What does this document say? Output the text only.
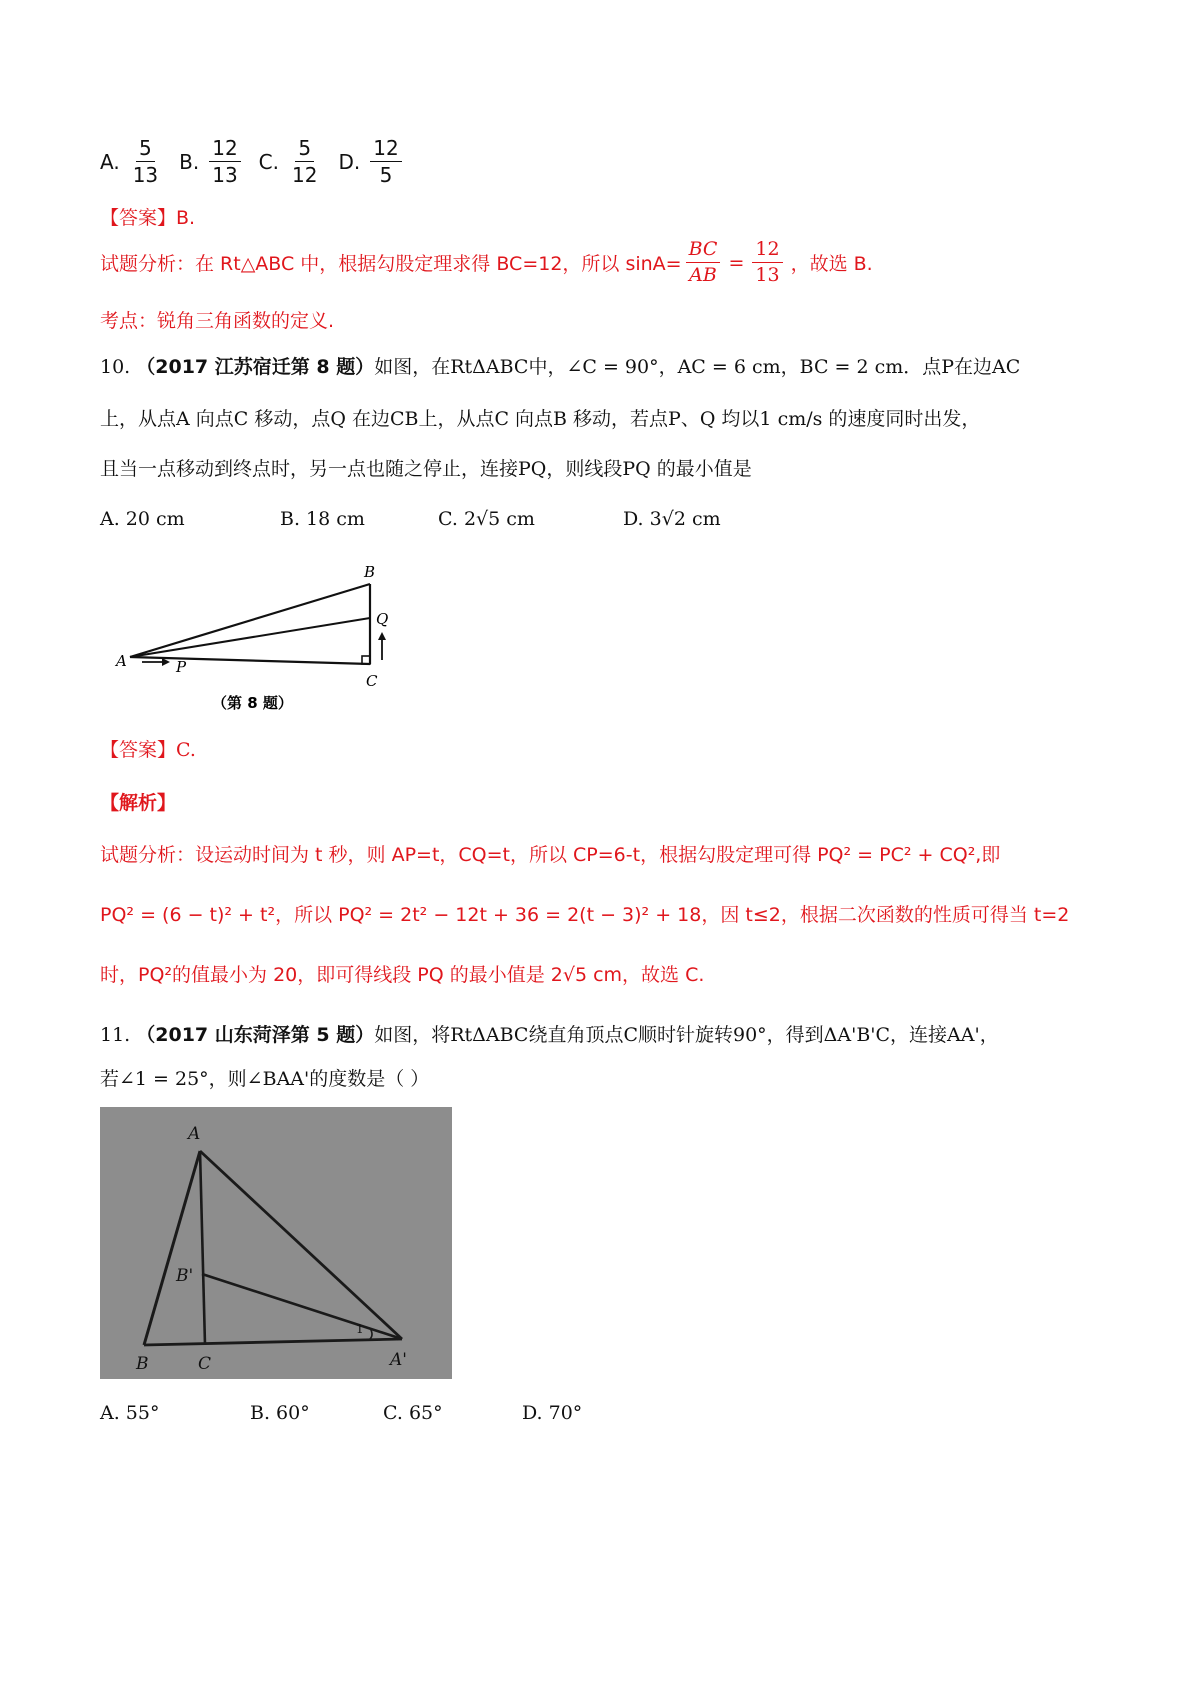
A. $\frac{5}{13} B$. $\frac{12}{13} C$. $\frac{5}{12} D$. $\frac{12}{5}$
【答案】B.
试题分析：在 Rt△ABC 中，根据勾股定理求得 BC=12，所以 $\sin A= \frac{BC}{AB} = \frac{12}{13}$ ，故选 B.
考点：锐角三角函数的定义.
10. （2017 江苏宿迁第 8 题）如图，在RtΔABC中，∠C = 90°，AC = 6 cm，BC = 2 cm．点P在边AC
上，从点A 向点C 移动，点Q 在边CB上，从点C 向点B 移动，若点P、Q 均以1 cm/s 的速度同时出发，
且当一点移动到终点时，另一点也随之停止，连接PQ，则线段PQ 的最小值是
A. 20 cm	B. 18 cm	C. 2√5 cm	D. 3√2 cm
A	P
B
Q
C
（第 8 题）
【答案】C.
【解析】
试题分析：设运动时间为 t 秒，则 AP=t，CQ=t，所以 CP=6-t，根据勾股定理可得 PQ² = PC² + CQ²,即
PQ² = (6 − t)² + t²，所以 PQ² = 2t² − 12t + 36 = 2(t − 3)² + 18，因 t≤2，根据二次函数的性质可得当 t=2
时，PQ²的值最小为 20，即可得线段 PQ 的最小值是 2√5 cm，故选 C.
11. （2017 山东菏泽第 5 题）如图，将RtΔABC绕直角顶点C顺时针旋转90°，得到ΔA'B'C，连接AA'，
若∠1 = 25°，则∠BAA'的度数是（ ）
A
B'
B	C	A'
1
A. 55°	B. 60°	C. 65°	D. 70°
